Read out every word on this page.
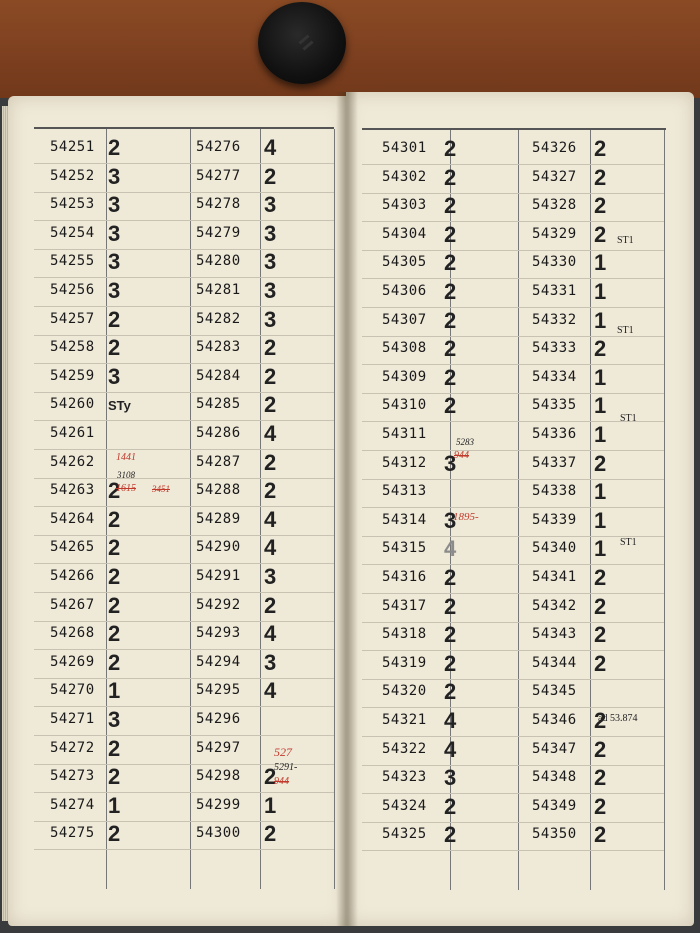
54251 2
54252 3
54253 3
54254 3
54255 3
54256 3
54257 2
54258 2
54259 3
54260 STy
54261
54262
54263 2
54264 2
54265 2
54266 2
54267 2
54268 2
54269 2
54270 1
54271 3
54272 2
54273 2
54274 1
54275 2
54276 4
54277 2
54278 3
54279 3
54280 3
54281 3
54282 3
54283 2
54284 2
54285 2
54286 4
54287 2
54288 2
54289 4
54290 4
54291 3
54292 2
54293 4
54294 3
54295 4
54296
54297
54298 2
54299 1
54300 2
54301 2
54302 2
54303 2
54304 2
54305 2
54306 2
54307 2
54308 2
54309 2
54310 2
54311
54312 3
54313
54314 3
54315 4
54316 2
54317 2
54318 2
54319 2
54320 2
54321 4
54322 4
54323 3
54324 2
54325 2
54326 2
54327 2
54328 2
54329 2
54330 1
54331 1
54332 1
54333 2
54334 1
54335 1
54336 1
54337 2
54338 1
54339 1
54340 1
54341 2
54342 2
54343 2
54344 2
54345
54346 2
54347 2
54348 2
54349 2
54350 2
1441
3108
1615 3451
527
5291-
944
5283
944
1895-
ST1
ST1
ST1
ST1
ad 53.874
